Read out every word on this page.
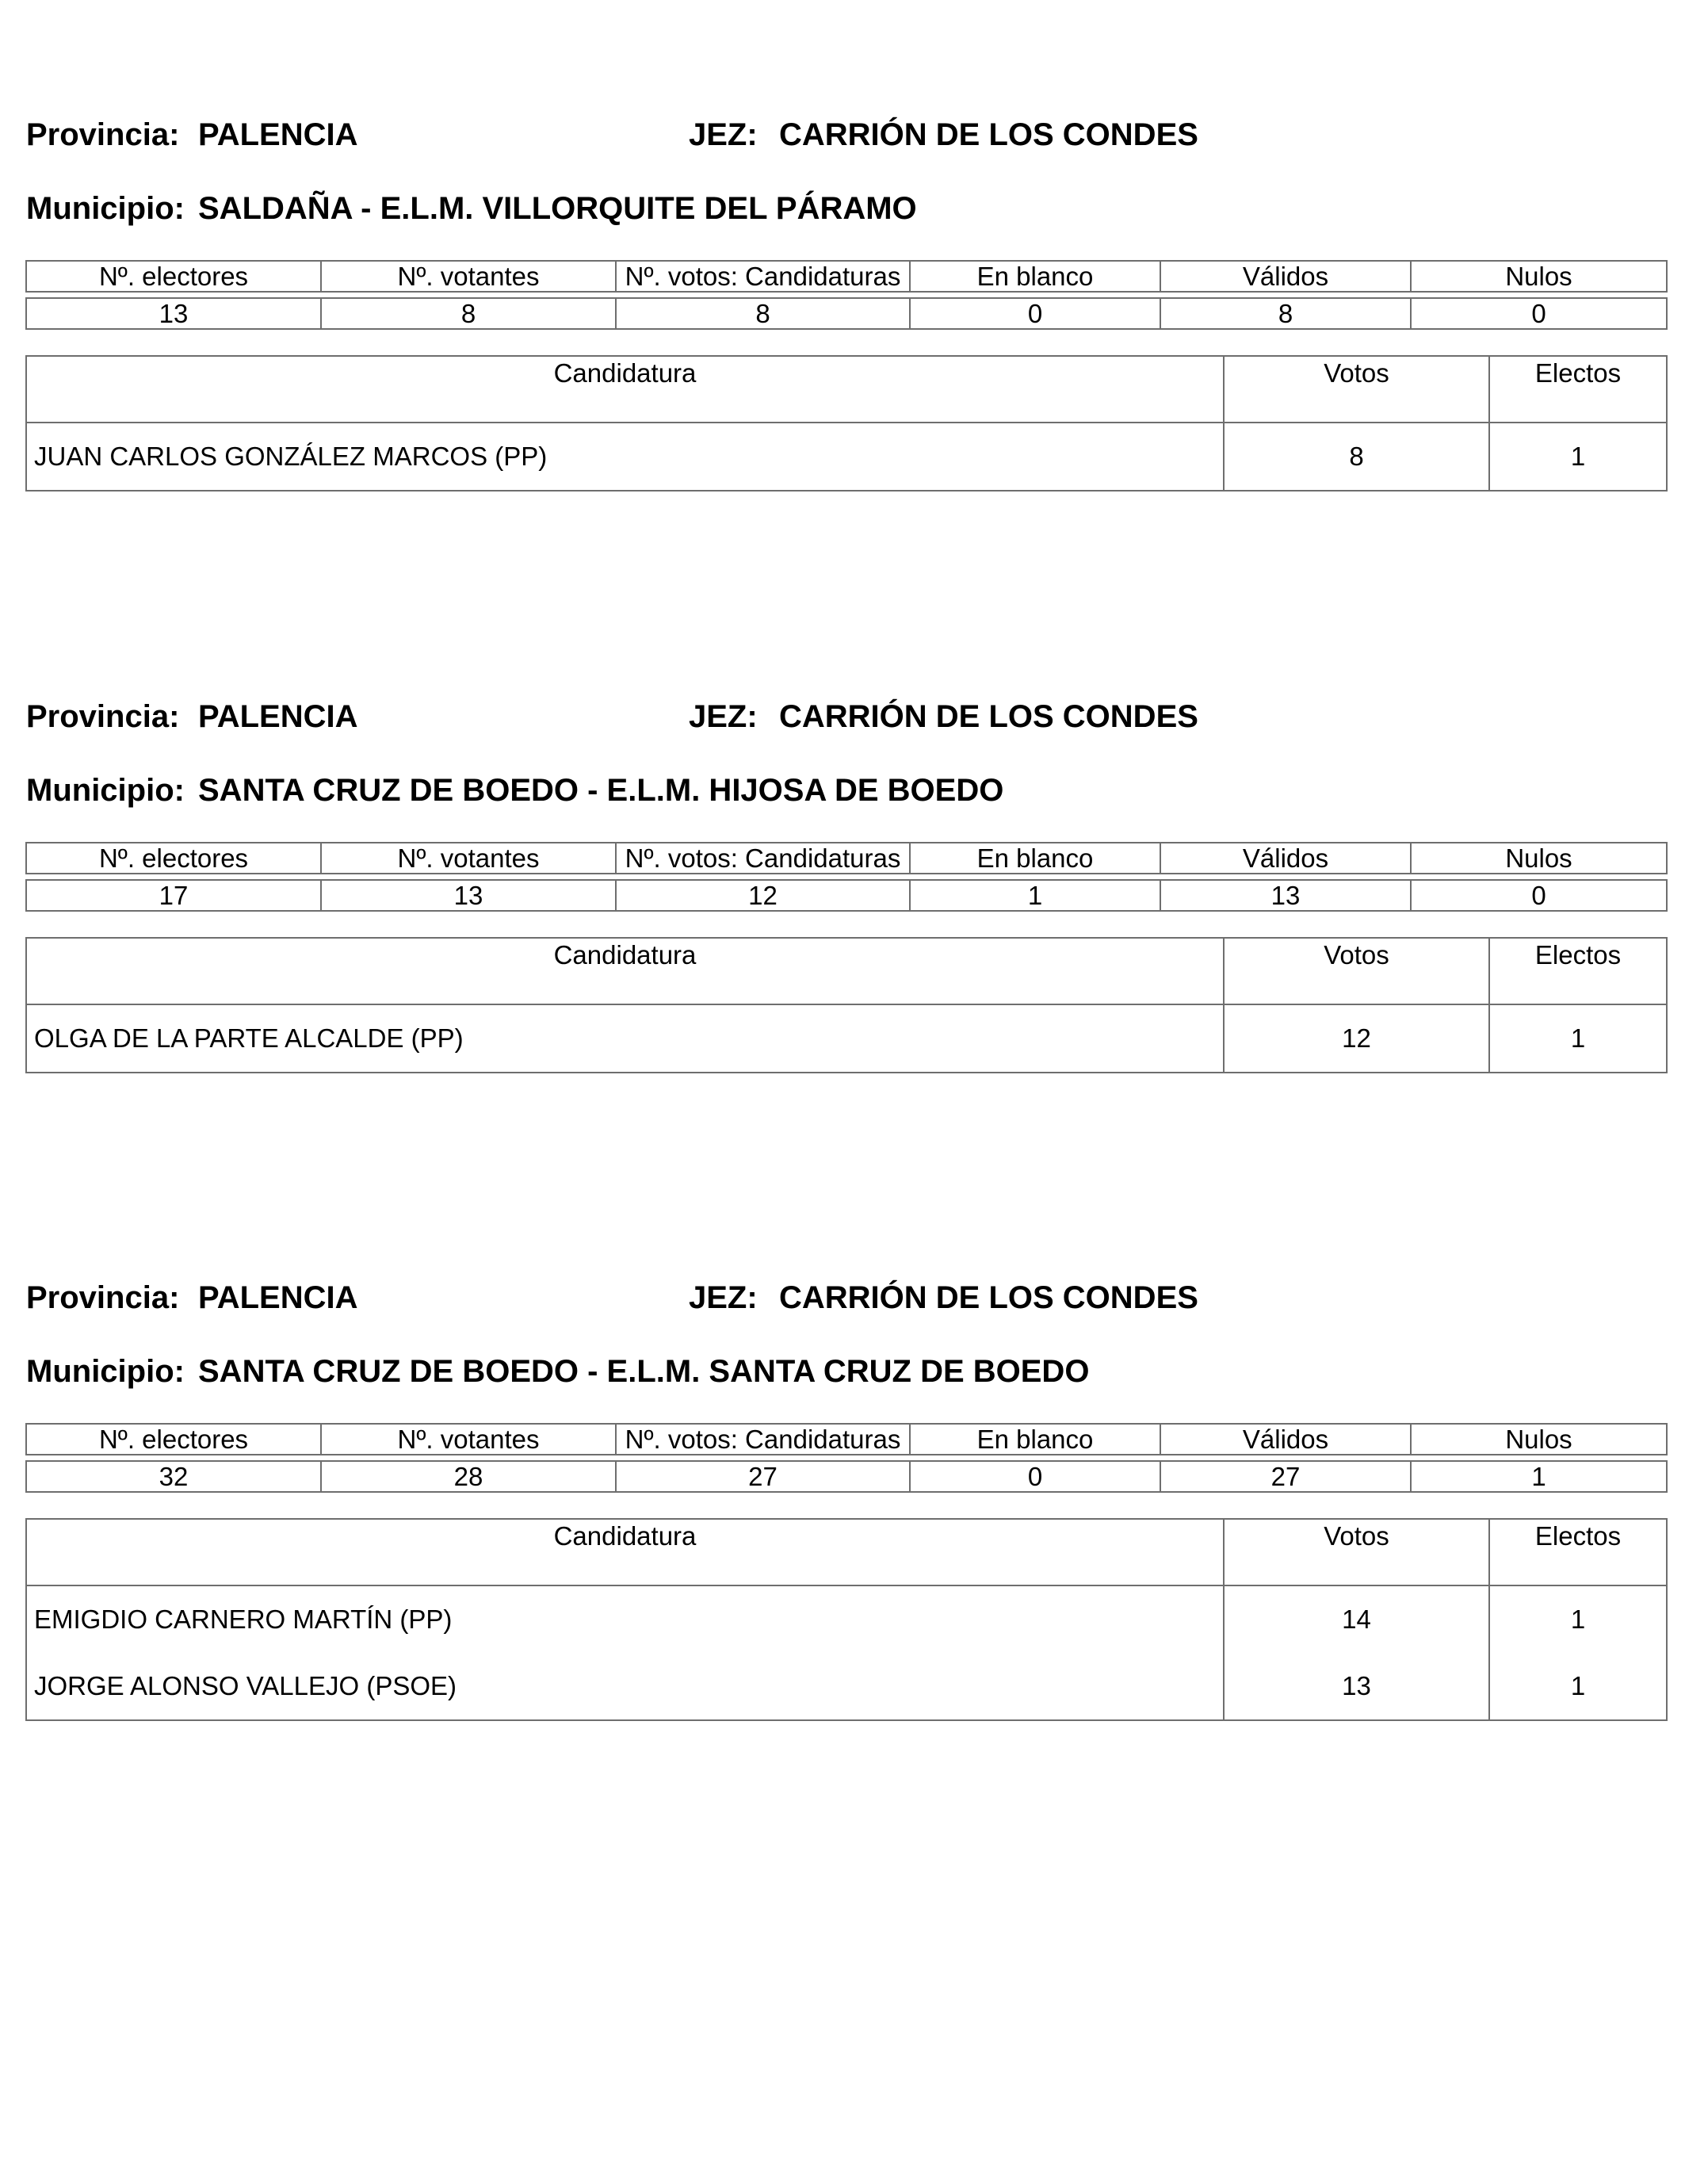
Provincia: PALENCIA	JEZ: CARRIÓN DE LOS CONDES
Municipio: SALDAÑA - E.L.M. VILLORQUITE DEL PÁRAMO
Nº. electores	Nº. votantes	Nº. votos: Candidaturas	En blanco	Válidos	Nulos

13	8	8	0	8	0
Candidatura	Votos	Electos
JUAN CARLOS GONZÁLEZ MARCOS (PP)	8	1
Provincia: PALENCIA	JEZ: CARRIÓN DE LOS CONDES
Municipio: SANTA CRUZ DE BOEDO - E.L.M. HIJOSA DE BOEDO
Nº. electores	Nº. votantes	Nº. votos: Candidaturas	En blanco	Válidos	Nulos

17	13	12	1	13	0
Candidatura	Votos	Electos
OLGA DE LA PARTE ALCALDE (PP)	12	1
Provincia: PALENCIA	JEZ: CARRIÓN DE LOS CONDES
Municipio: SANTA CRUZ DE BOEDO - E.L.M. SANTA CRUZ DE BOEDO
Nº. electores	Nº. votantes	Nº. votos: Candidaturas	En blanco	Válidos	Nulos

32	28	27	0	27	1
Candidatura	Votos	Electos
EMIGDIO CARNERO MARTÍN (PP)	14	1
JORGE ALONSO VALLEJO (PSOE)	13	1
